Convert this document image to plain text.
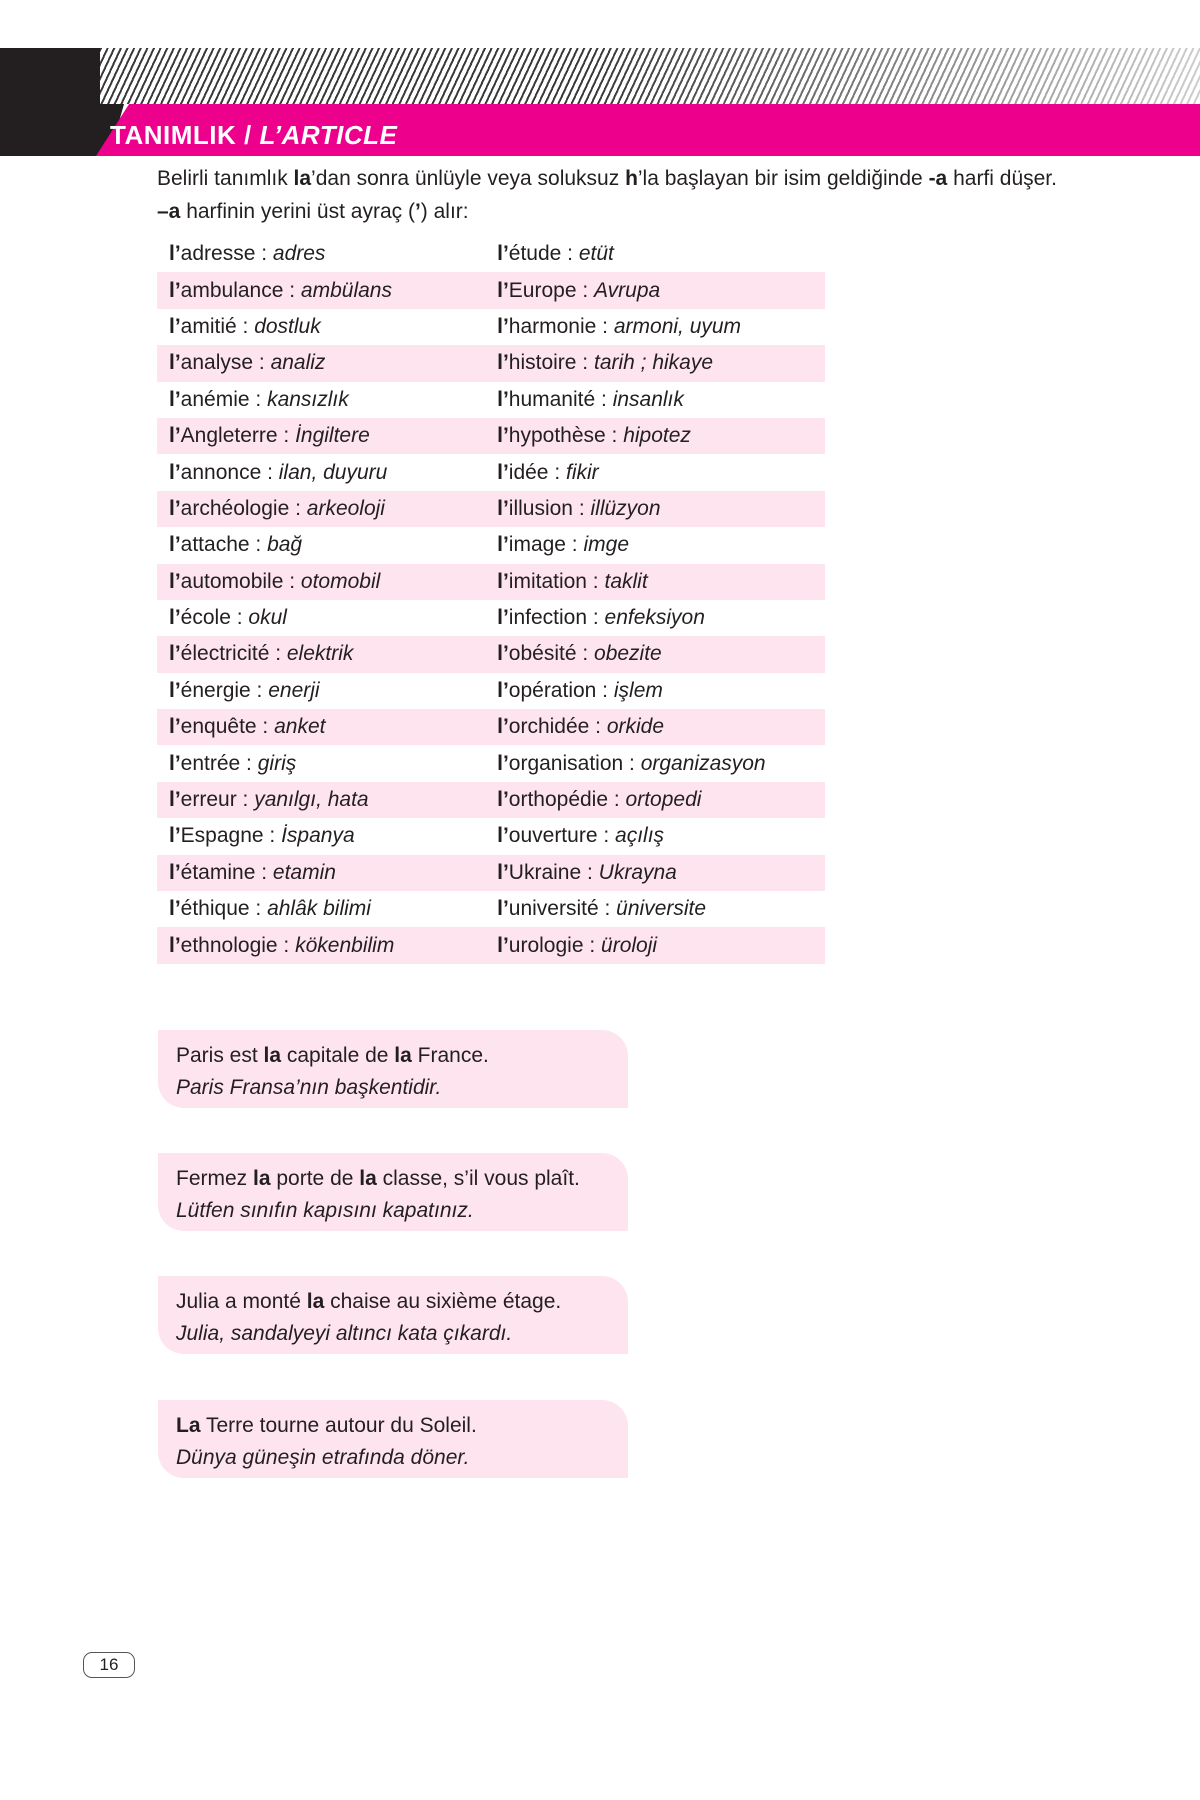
TANIMLIK / L’ARTICLE

Belirli tanımlık la’dan sonra ünlüyle veya soluksuz h’la başlayan bir isim geldiğinde -a harfi düşer.

–a harfinin yerini üst ayraç (’) alır:

l’adresse : adres	l’étude : etüt
l’ambulance : ambülans	l’Europe : Avrupa
l’amitié : dostluk	l’harmonie : armoni, uyum
l’analyse : analiz	l’histoire : tarih ; hikaye
l’anémie : kansızlık	l’humanité : insanlık
l’Angleterre : İngiltere	l’hypothèse : hipotez
l’annonce : ilan, duyuru	l’idée : fikir
l’archéologie : arkeoloji	l’illusion : illüzyon
l’attache : bağ	l’image : imge
l’automobile : otomobil	l’imitation : taklit
l’école : okul	l’infection : enfeksiyon
l’électricité : elektrik	l’obésité : obezite
l’énergie : enerji	l’opération : işlem
l’enquête : anket	l’orchidée : orkide
l’entrée : giriş	l’organisation : organizasyon
l’erreur : yanılgı, hata	l’orthopédie : ortopedi
l’Espagne : İspanya	l’ouverture : açılış
l’étamine : etamin	l’Ukraine : Ukrayna
l’éthique : ahlâk bilimi	l’université : üniversite
l’ethnologie : kökenbilim	l’urologie : üroloji

Paris est la capitale de la France.

Paris Fransa’nın başkentidir.

Fermez la porte de la classe, s’il vous plaît.

Lütfen sınıfın kapısını kapatınız.

Julia a monté la chaise au sixième étage.

Julia, sandalyeyi altıncı kata çıkardı.

La Terre tourne autour du Soleil.

Dünya güneşin etrafında döner.

16
